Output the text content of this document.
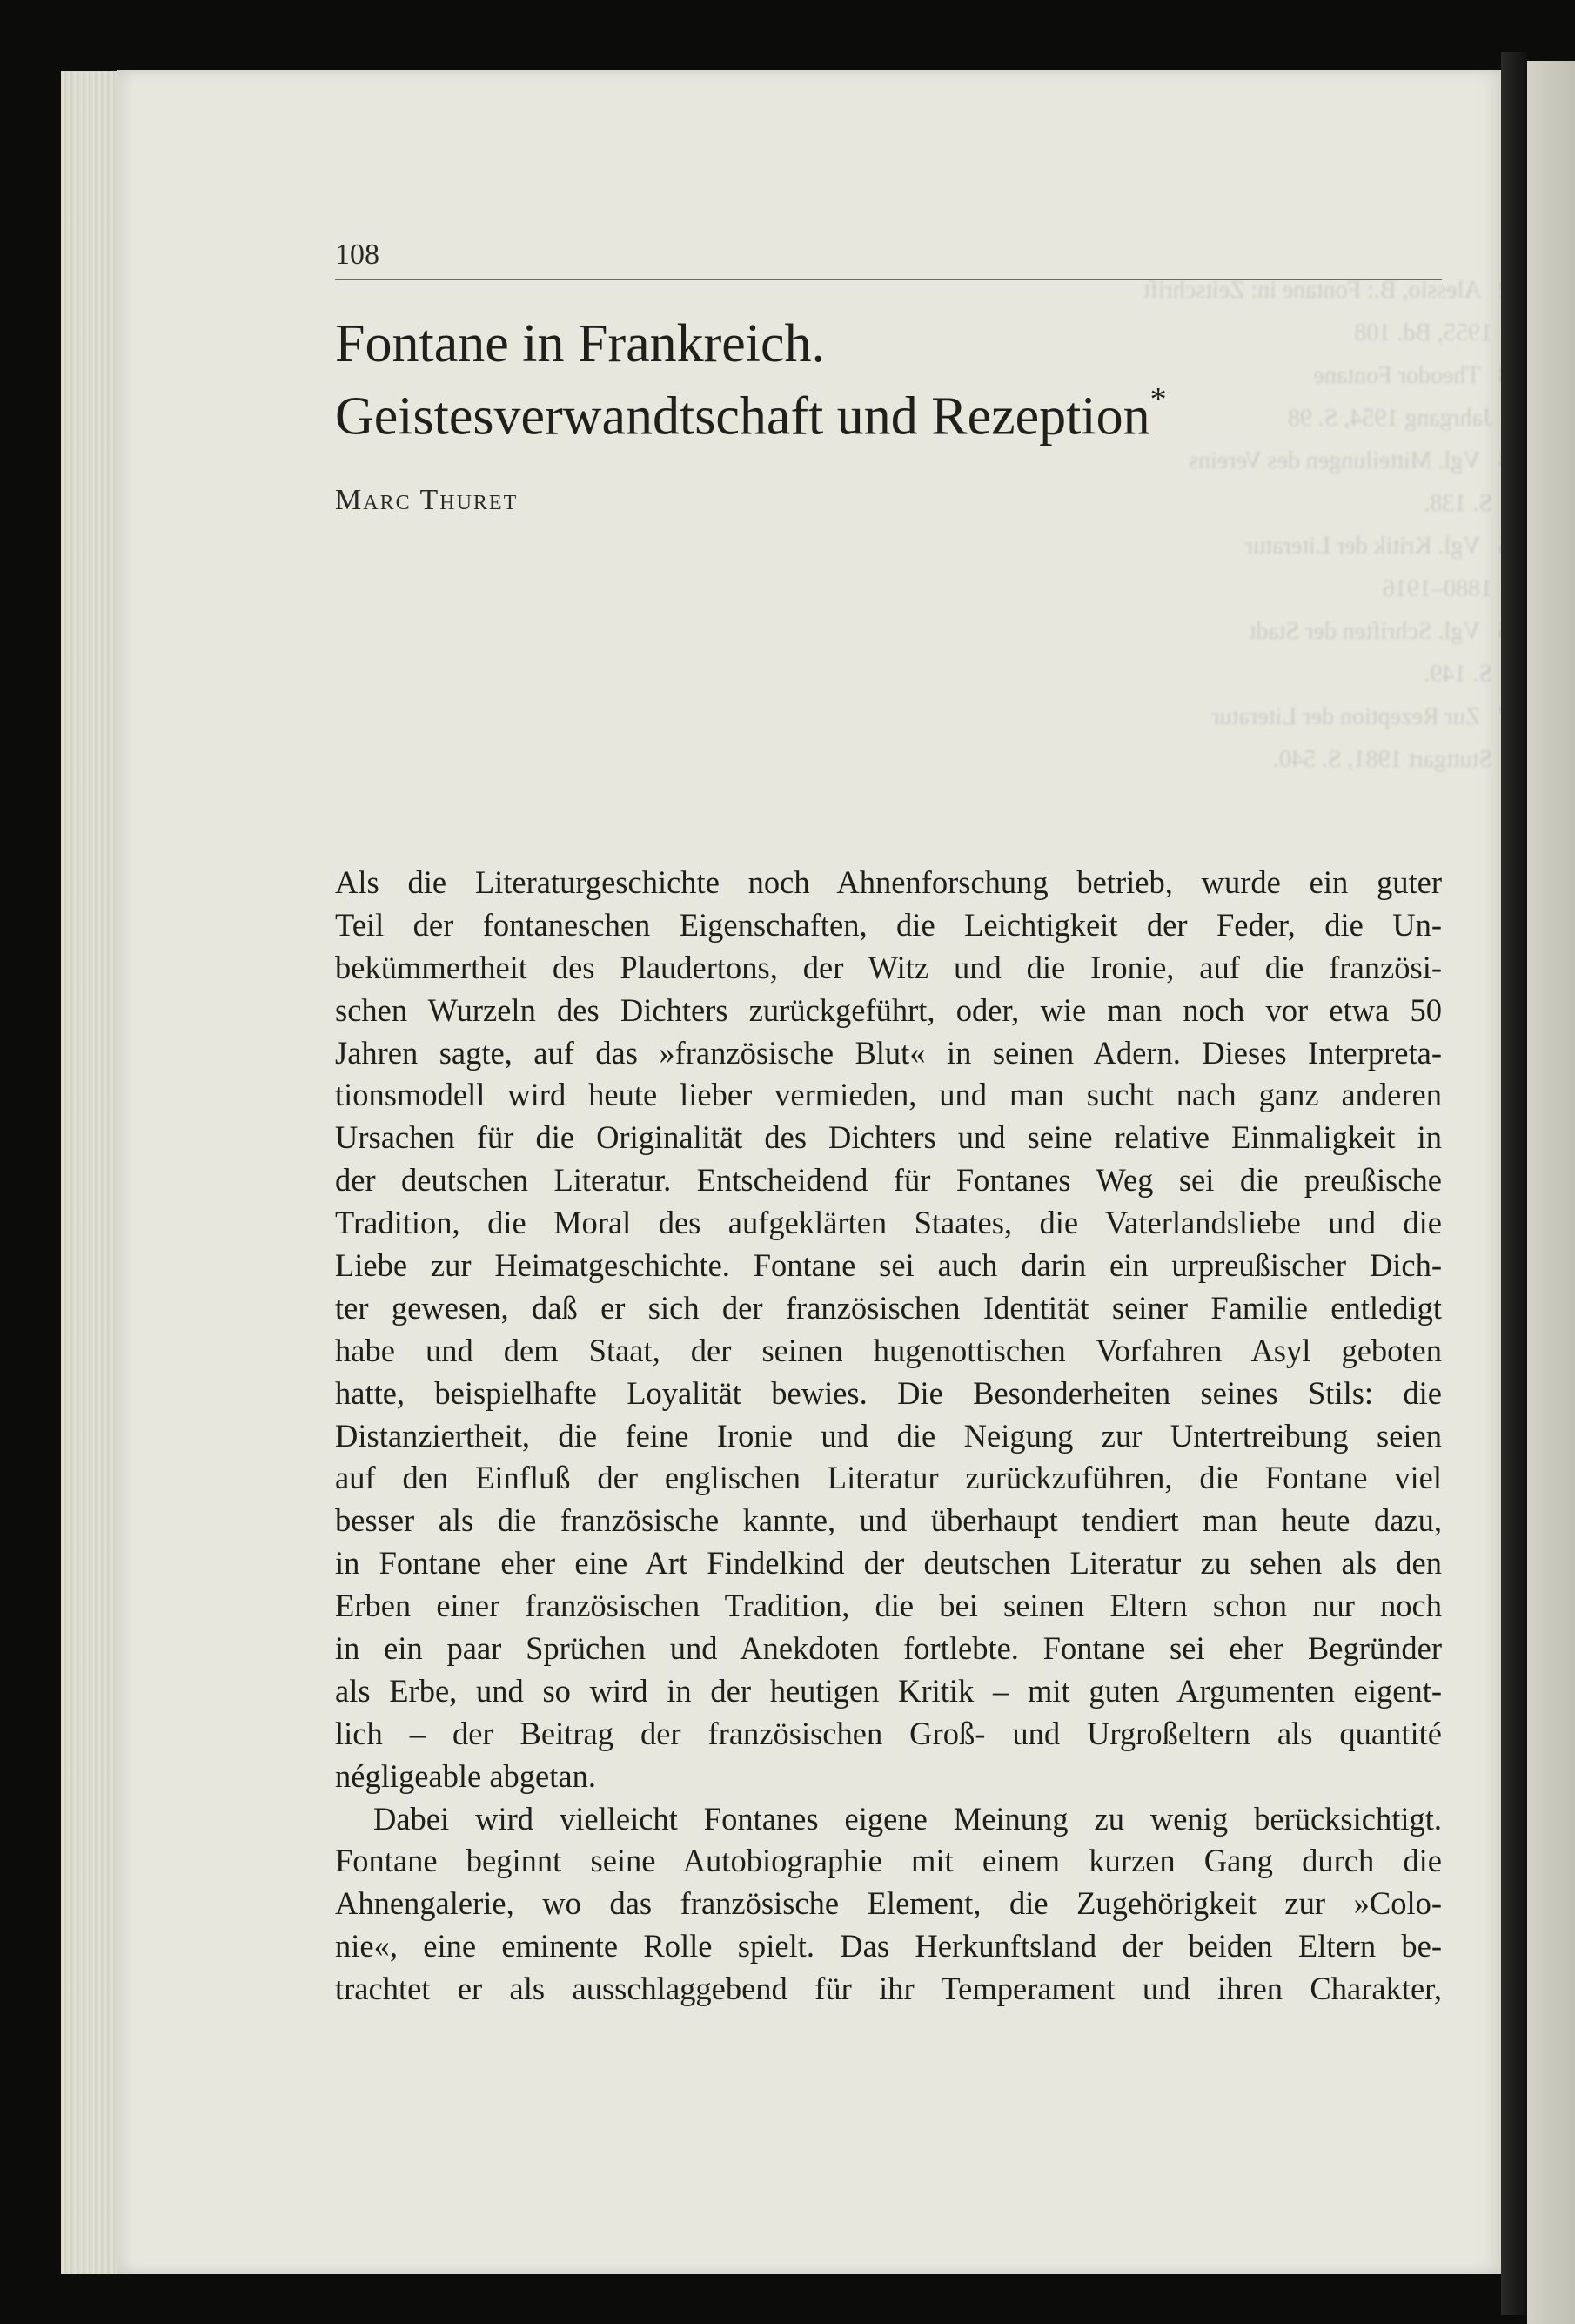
108
Fontane in Frankreich.
Geistesverwandtschaft und Rezeption*
Marc Thuret
Als die Literaturgeschichte noch Ahnenforschung betrieb, wurde ein guter
Teil der fontaneschen Eigenschaften, die Leichtigkeit der Feder, die Un-
bekümmertheit des Plaudertons, der Witz und die Ironie, auf die französi-
schen Wurzeln des Dichters zurückgeführt, oder, wie man noch vor etwa 50
Jahren sagte, auf das »französische Blut« in seinen Adern. Dieses Interpreta-
tionsmodell wird heute lieber vermieden, und man sucht nach ganz anderen
Ursachen für die Originalität des Dichters und seine relative Einmaligkeit in
der deutschen Literatur. Entscheidend für Fontanes Weg sei die preußische
Tradition, die Moral des aufgeklärten Staates, die Vaterlandsliebe und die
Liebe zur Heimatgeschichte. Fontane sei auch darin ein urpreußischer Dich-
ter gewesen, daß er sich der französischen Identität seiner Familie entledigt
habe und dem Staat, der seinen hugenottischen Vorfahren Asyl geboten
hatte, beispielhafte Loyalität bewies. Die Besonderheiten seines Stils: die
Distanziertheit, die feine Ironie und die Neigung zur Untertreibung seien
auf den Einfluß der englischen Literatur zurückzuführen, die Fontane viel
besser als die französische kannte, und überhaupt tendiert man heute dazu,
in Fontane eher eine Art Findelkind der deutschen Literatur zu sehen als den
Erben einer französischen Tradition, die bei seinen Eltern schon nur noch
in ein paar Sprüchen und Anekdoten fortlebte. Fontane sei eher Begründer
als Erbe, und so wird in der heutigen Kritik – mit guten Argumenten eigent-
lich – der Beitrag der französischen Groß- und Urgroßeltern als quantité
négligeable abgetan.
Dabei wird vielleicht Fontanes eigene Meinung zu wenig berücksichtigt.
Fontane beginnt seine Autobiographie mit einem kurzen Gang durch die
Ahnengalerie, wo das französische Element, die Zugehörigkeit zur »Colo-
nie«, eine eminente Rolle spielt. Das Herkunftsland der beiden Eltern be-
trachtet er als ausschlaggebend für ihr Temperament und ihren Charakter,
